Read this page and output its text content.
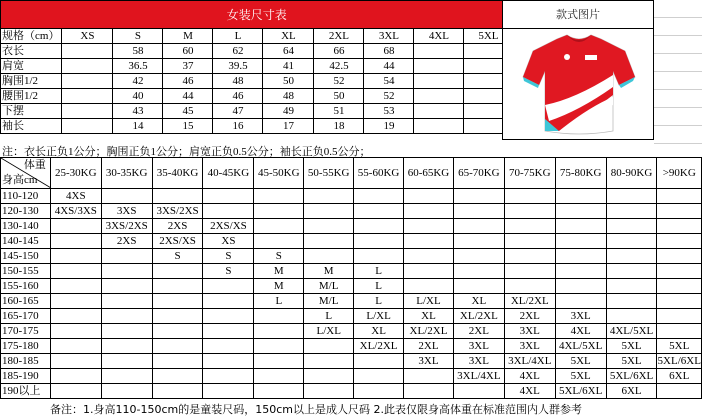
女装尺寸表									
规格（cm）	XS	S	M	L	XL	2XL	3XL	4XL	5XL
衣长		58	60	62	64	66	68		
肩宽		36.5	37	39.5	41	42.5	44		
胸围1/2		42	46	48	50	52	54		
腰围1/2		40	44	46	48	50	52		
下摆		43	45	47	49	51	53		
袖长		14	15	16	17	18	19		
款式图片
注：衣长正负1公分；胸围正负1公分；肩宽正负0.5公分；袖长正负0.5公分；
体重
身高cm	25-30KG	30-35KG	35-40KG	40-45KG	45-50KG	50-55KG	55-60KG	60-65KG	65-70KG	70-75KG	75-80KG	80-90KG	>90KG
110-120	4XS												
120-130	4XS/3XS	3XS	3XS/2XS										
130-140		3XS/2XS	2XS	2XS/XS									
140-145		2XS	2XS/XS	XS									
145-150			S	S	S								
150-155				S	M	M	L						
155-160					M	M/L	L						
160-165					L	M/L	L	L/XL	XL	XL/2XL			
165-170						L	L/XL	XL	XL/2XL	2XL	3XL		
170-175						L/XL	XL	XL/2XL	2XL	3XL	4XL	4XL/5XL	
175-180							XL/2XL	2XL	3XL	3XL	4XL/5XL	5XL	5XL
180-185								3XL	3XL	3XL/4XL	5XL	5XL	5XL/6XL
185-190									3XL/4XL	4XL	5XL	5XL/6XL	6XL
190以上										4XL	5XL/6XL	6XL	
备注：1.身高110-150cm的是童装尺码，150cm以上是成人尺码 2.此表仅限身高体重在标准范围内人群参考
